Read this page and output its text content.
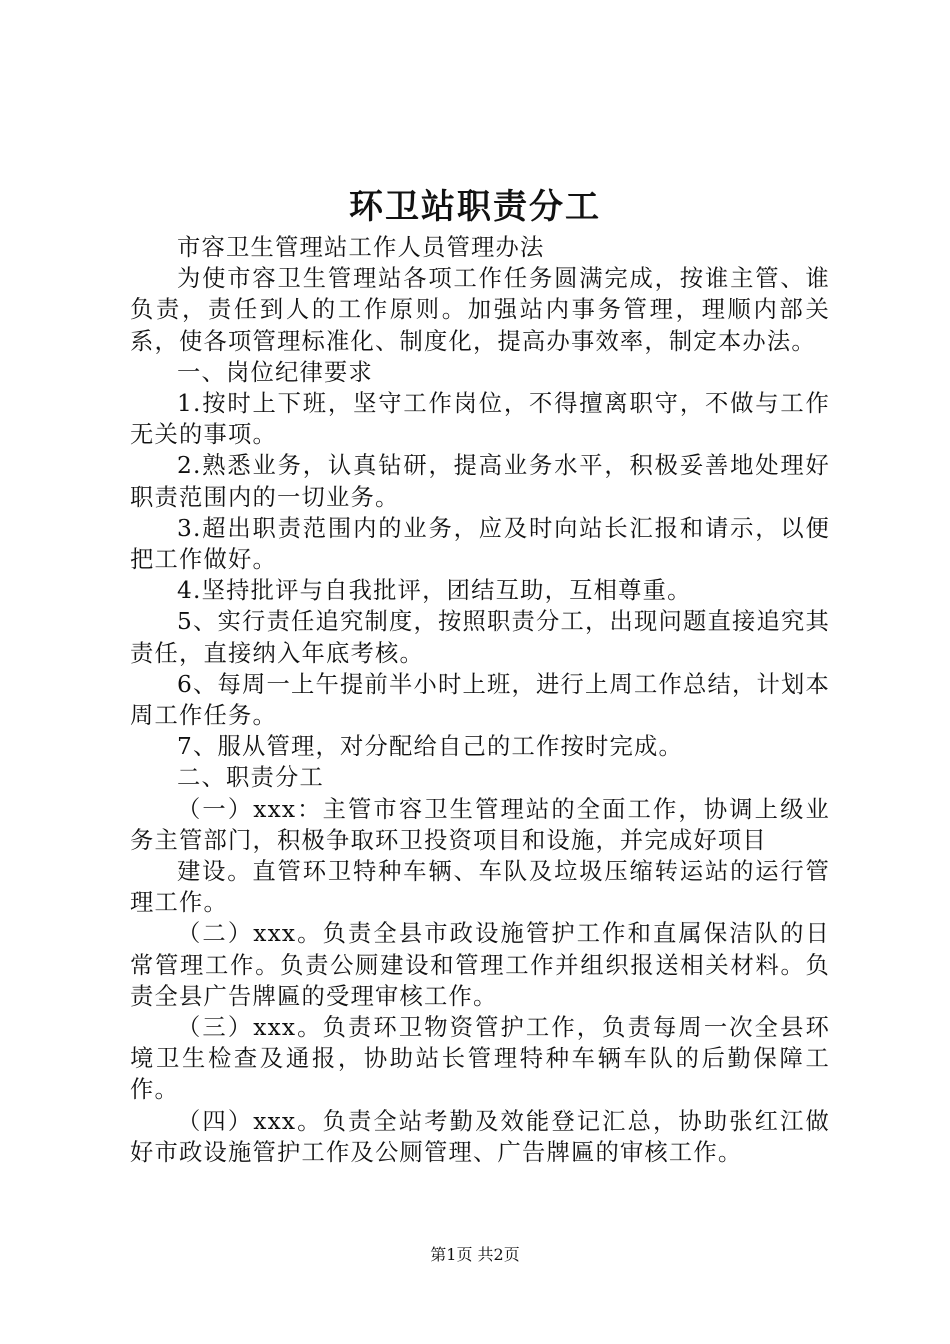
环卫站职责分工

市容卫生管理站工作人员管理办法

为使市容卫生管理站各项工作任务圆满完成，按谁主管、谁负责，责任到人的工作原则。加强站内事务管理，理顺内部关系，使各项管理标准化、制度化，提高办事效率，制定本办法。

一、岗位纪律要求

1.按时上下班，坚守工作岗位，不得擅离职守，不做与工作无关的事项。

2.熟悉业务，认真钻研，提高业务水平，积极妥善地处理好职责范围内的一切业务。

3.超出职责范围内的业务，应及时向站长汇报和请示，以便把工作做好。

4.坚持批评与自我批评，团结互助，互相尊重。

5、实行责任追究制度，按照职责分工，出现问题直接追究其责任，直接纳入年底考核。

6、每周一上午提前半小时上班，进行上周工作总结，计划本周工作任务。

7、服从管理，对分配给自己的工作按时完成。

二、职责分工

（一）xxx：主管市容卫生管理站的全面工作，协调上级业务主管部门，积极争取环卫投资项目和设施，并完成好项目

建设。直管环卫特种车辆、车队及垃圾压缩转运站的运行管理工作。

（二）xxx。负责全县市政设施管护工作和直属保洁队的日常管理工作。负责公厕建设和管理工作并组织报送相关材料。负责全县广告牌匾的受理审核工作。

（三）xxx。负责环卫物资管护工作，负责每周一次全县环境卫生检查及通报，协助站长管理特种车辆车队的后勤保障工作。

（四）xxx。负责全站考勤及效能登记汇总，协助张红江做好市政设施管护工作及公厕管理、广告牌匾的审核工作。

第1页 共2页
